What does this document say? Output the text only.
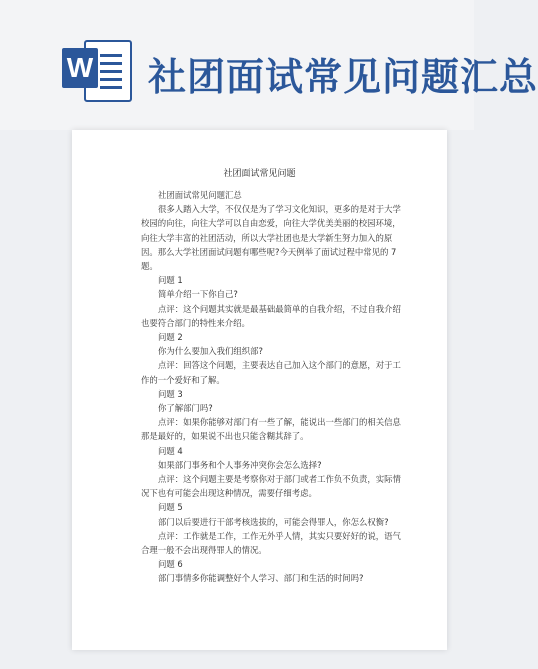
W 社团面试常见问题汇总
社团面试常见问题

社团面试常见问题汇总

很多人踏入大学，不仅仅是为了学习文化知识，更多的是对于大学校园的向往，向往大学可以自由恋爱，向往大学优美美丽的校园环境，向往大学丰富的社团活动，所以大学社团也是大学新生努力加入的原因。那么大学社团面试问题有哪些呢?今天例举了面试过程中常见的 7 题。

问题 1

简单介绍一下你自己?

点评：这个问题其实就是最基础最简单的自我介绍，不过自我介绍也要符合部门的特性来介绍。

问题 2

你为什么要加入我们组织部?

点评：回答这个问题，主要表达自己加入这个部门的意愿，对于工作的一个爱好和了解。

问题 3

你了解部门吗?

点评：如果你能够对部门有一些了解，能说出一些部门的相关信息那是最好的，如果说不出也只能含糊其辞了。

问题 4

如果部门事务和个人事务冲突你会怎么选择?

点评：这个问题主要是考察你对于部门或者工作负不负责，实际情况下也有可能会出现这种情况，需要仔细考虑。

问题 5

部门以后要进行干部考核选拔的，可能会得罪人，你怎么权衡?

点评：工作就是工作，工作无外乎人情，其实只要好好的说，语气合理一般不会出现得罪人的情况。

问题 6

部门事情多你能调整好个人学习、部门和生活的时间吗?
